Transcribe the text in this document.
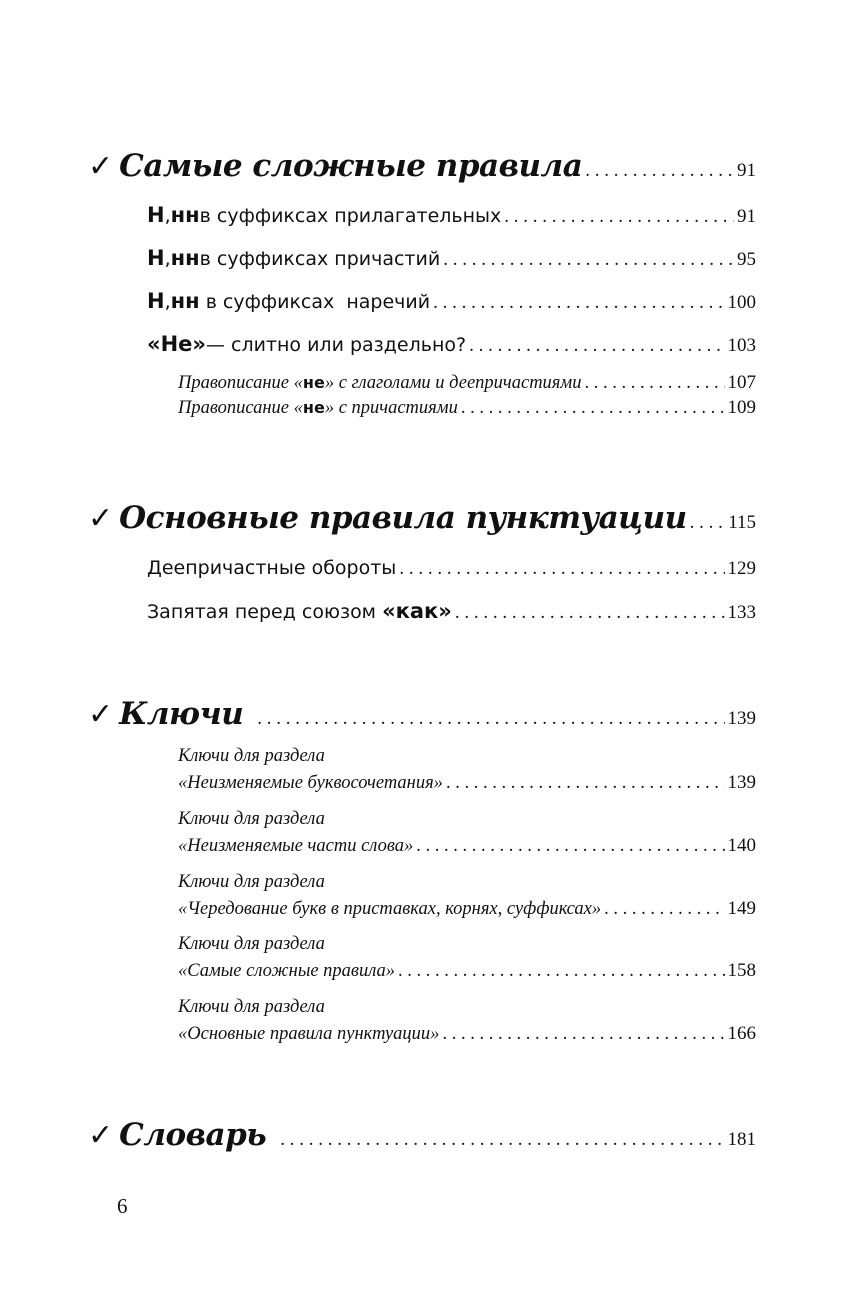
✓ Самые сложные правила . . .	91
Н , нн в суффиксах прилагательных . . .	91
Н , нн в суффиксах причастий . . .	95
Н , нн в суффиксах  наречий . . .	100
«Не» — слитно или раздельно? . . .	103
Правописание « не » с глаголами и деепричастиями . . .	107
Правописание « не » с причастиями . . .	109
✓ Основные правила пунктуации . . . 115
Деепричастные обороты . . .	129
Запятая перед союзом «как» . . .	133
✓ Ключи . . .	139
Ключи для раздела
«Неизменяемые буквосочетания» . . .	139
Ключи для раздела
«Неизменяемые части слова» . . .	140
Ключи для раздела
«Чередование букв в приставках, корнях, суффиксах» . . .	149
Ключи для раздела
«Самые сложные правила» . . .	158
Ключи для раздела
«Основные правила пунктуации» . . .	166
✓ Словарь . . .	181
6
